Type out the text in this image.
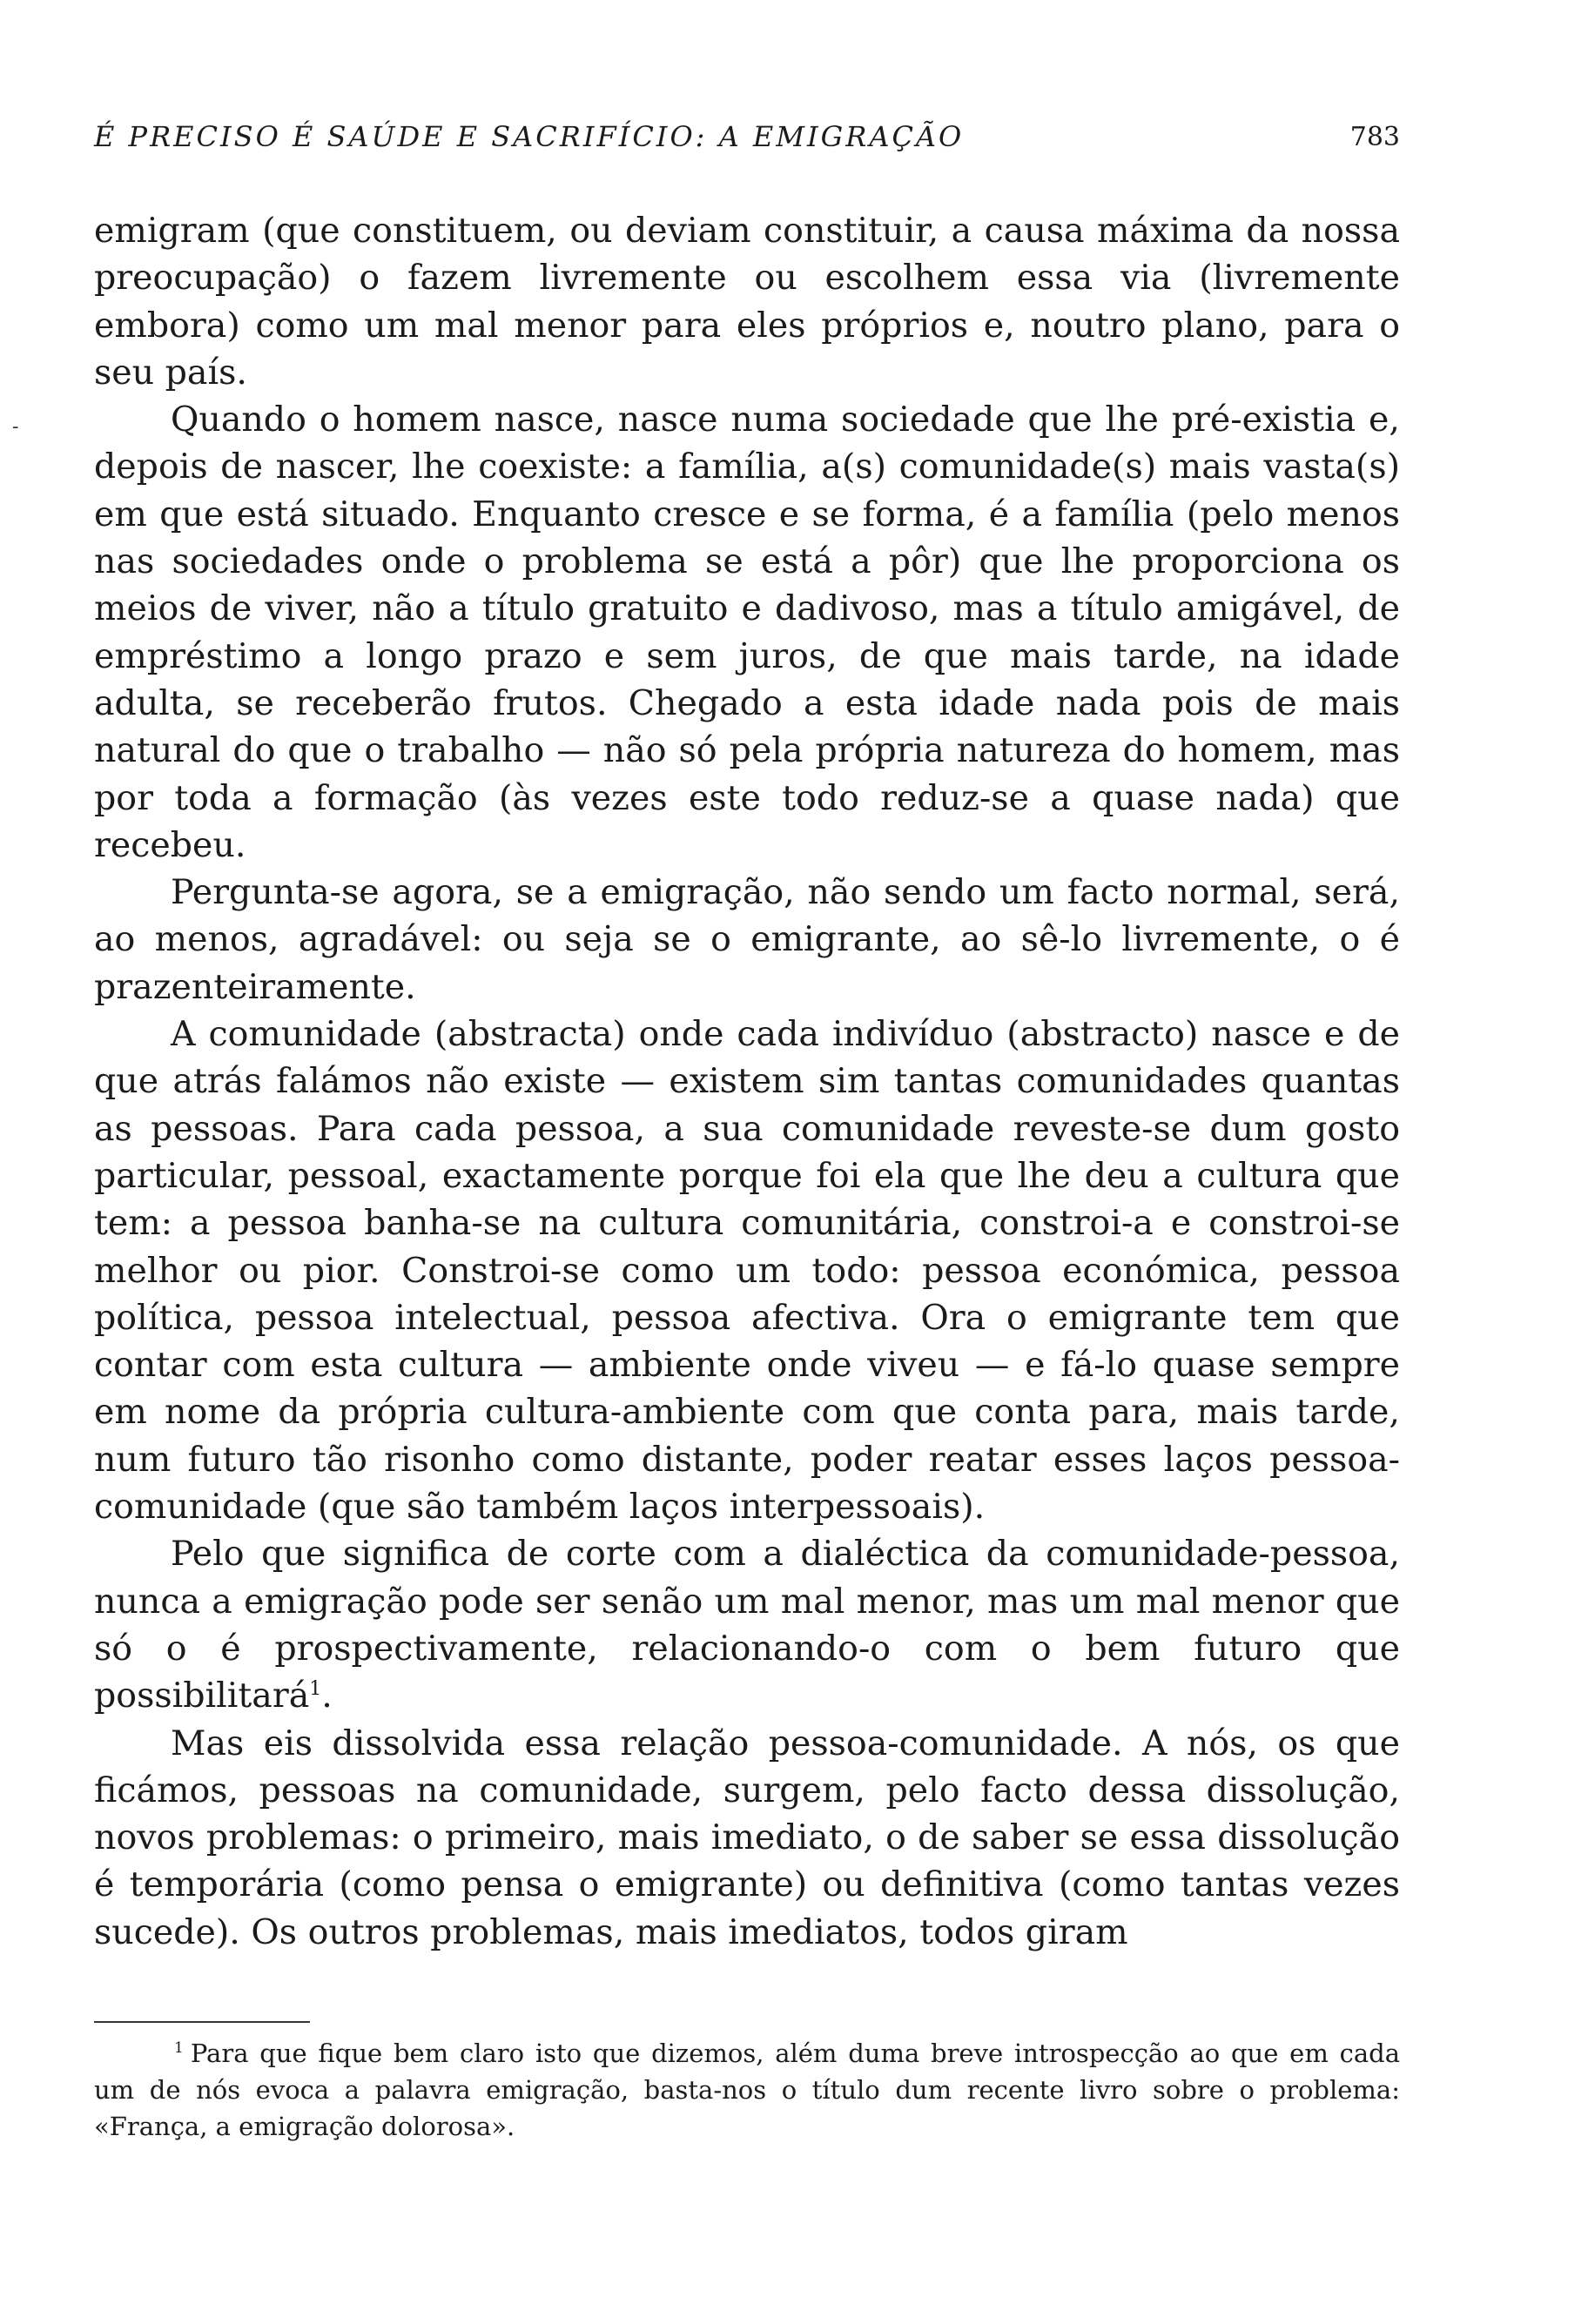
É PRECISO É SAÚDE E SACRIFÍCIO: A EMIGRAÇÃO	783
-

emigram (que constituem, ou deviam constituir, a causa máxima da nossa preocupação) o fazem livremente ou escolhem essa via (livremente embora) como um mal menor para eles próprios e, noutro plano, para o seu país.

Quando o homem nasce, nasce numa sociedade que lhe pré-existia e, depois de nascer, lhe coexiste: a família, a(s) comunidade(s) mais vasta(s) em que está situado. Enquanto cresce e se forma, é a família (pelo menos nas sociedades onde o problema se está a pôr) que lhe proporciona os meios de viver, não a título gratuito e dadivoso, mas a título amigável, de empréstimo a longo prazo e sem juros, de que mais tarde, na idade adulta, se receberão frutos. Chegado a esta idade nada pois de mais natural do que o trabalho — não só pela própria natureza do homem, mas por toda a formação (às vezes este todo reduz-se a quase nada) que recebeu.

Pergunta-se agora, se a emigração, não sendo um facto normal, será, ao menos, agradável: ou seja se o emigrante, ao sê-lo livremente, o é prazenteiramente.

A comunidade (abstracta) onde cada indivíduo (abstracto) nasce e de que atrás falámos não existe — existem sim tantas comunidades quantas as pessoas. Para cada pessoa, a sua comunidade reveste-se dum gosto particular, pessoal, exactamente porque foi ela que lhe deu a cultura que tem: a pessoa banha-se na cultura comunitária, constroi-a e constroi-se melhor ou pior. Constroi-se como um todo: pessoa económica, pessoa política, pessoa intelectual, pessoa afectiva. Ora o emigrante tem que contar com esta cultura — ambiente onde viveu — e fá-lo quase sempre em nome da própria cultura-ambiente com que conta para, mais tarde, num futuro tão risonho como distante, poder reatar esses laços pessoa-comunidade (que são também laços interpessoais).

Pelo que significa de corte com a dialéctica da comunidade-pessoa, nunca a emigração pode ser senão um mal menor, mas um mal menor que só o é prospectivamente, relacionando-o com o bem futuro que possibilitará$^1$.

Mas eis dissolvida essa relação pessoa-comunidade. A nós, os que ficámos, pessoas na comunidade, surgem, pelo facto dessa dissolução, novos problemas: o primeiro, mais imediato, o de saber se essa dissolução é temporária (como pensa o emigrante) ou definitiva (como tantas vezes sucede). Os outros problemas, mais imediatos, todos giram

$^1$ Para que fique bem claro isto que dizemos, além duma breve introspecção ao que em cada um de nós evoca a palavra emigração, basta-nos o título dum recente livro sobre o problema: «França, a emigração dolorosa».
